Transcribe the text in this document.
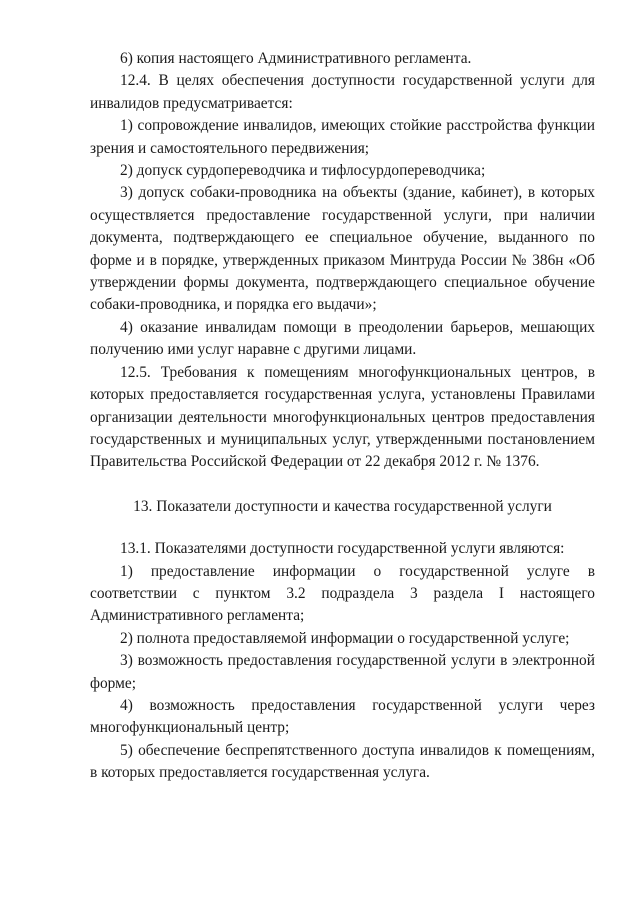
6) копия настоящего Административного регламента.

12.4. В целях обеспечения доступности государственной услуги для инвалидов предусматривается:

1) сопровождение инвалидов, имеющих стойкие расстройства функции зрения и самостоятельного передвижения;

2) допуск сурдопереводчика и тифлосурдопереводчика;

3) допуск собаки-проводника на объекты (здание, кабинет), в которых осуществляется предоставление государственной услуги, при наличии документа, подтверждающего ее специальное обучение, выданного по форме и в порядке, утвержденных приказом Минтруда России № 386н «Об утверждении формы документа, подтверждающего специальное обучение собаки-проводника, и порядка его выдачи»;

4) оказание инвалидам помощи в преодолении барьеров, мешающих получению ими услуг наравне с другими лицами.

12.5. Требования к помещениям многофункциональных центров, в которых предоставляется государственная услуга, установлены Правилами организации деятельности многофункциональных центров предоставления государственных и муниципальных услуг, утвержденными постановлением Правительства Российской Федерации от 22 декабря 2012 г. № 1376.

13. Показатели доступности и качества государственной услуги

13.1. Показателями доступности государственной услуги являются:

1) предоставление информации о государственной услуге в соответствии с пунктом 3.2 подраздела 3 раздела I настоящего Административного регламента;

2) полнота предоставляемой информации о государственной услуге;

3) возможность предоставления государственной услуги в электронной форме;

4) возможность предоставления государственной услуги через многофункциональный центр;

5) обеспечение беспрепятственного доступа инвалидов к помещениям, в которых предоставляется государственная услуга.
